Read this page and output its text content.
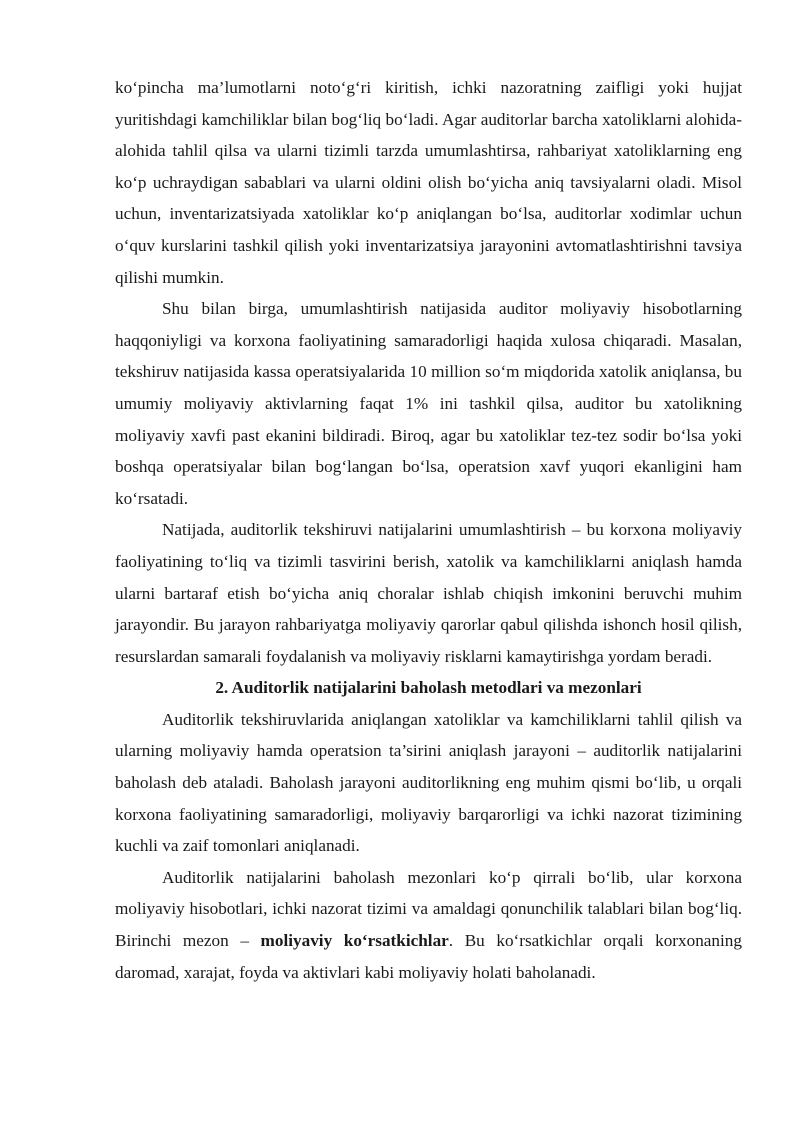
ko‘pincha ma’lumotlarni noto‘g‘ri kiritish, ichki nazoratning zaifligi yoki hujjat yuritishdagi kamchiliklar bilan bog‘liq bo‘ladi. Agar auditorlar barcha xatoliklarni alohida-alohida tahlil qilsa va ularni tizimli tarzda umumlashtirsa, rahbariyat xatoliklarning eng ko‘p uchraydigan sabablari va ularni oldini olish bo‘yicha aniq tavsiyalarni oladi. Misol uchun, inventarizatsiyada xatoliklar ko‘p aniqlangan bo‘lsa, auditorlar xodimlar uchun o‘quv kurslarini tashkil qilish yoki inventarizatsiya jarayonini avtomatlashtirishni tavsiya qilishi mumkin.

Shu bilan birga, umumlashtirish natijasida auditor moliyaviy hisobotlarning haqqoniyligi va korxona faoliyatining samaradorligi haqida xulosa chiqaradi. Masalan, tekshiruv natijasida kassa operatsiyalarida 10 million so‘m miqdorida xatolik aniqlansa, bu umumiy moliyaviy aktivlarning faqat 1% ini tashkil qilsa, auditor bu xatolikning moliyaviy xavfi past ekanini bildiradi. Biroq, agar bu xatoliklar tez-tez sodir bo‘lsa yoki boshqa operatsiyalar bilan bog‘langan bo‘lsa, operatsion xavf yuqori ekanligini ham ko‘rsatadi.

Natijada, auditorlik tekshiruvi natijalarini umumlashtirish – bu korxona moliyaviy faoliyatining to‘liq va tizimli tasvirini berish, xatolik va kamchiliklarni aniqlash hamda ularni bartaraf etish bo‘yicha aniq choralar ishlab chiqish imkonini beruvchi muhim jarayondir. Bu jarayon rahbariyatga moliyaviy qarorlar qabul qilishda ishonch hosil qilish, resurslardan samarali foydalanish va moliyaviy risklarni kamaytirishga yordam beradi.

2. Auditorlik natijalarini baholash metodlari va mezonlari

Auditorlik tekshiruvlarida aniqlangan xatoliklar va kamchiliklarni tahlil qilish va ularning moliyaviy hamda operatsion ta’sirini aniqlash jarayoni – auditorlik natijalarini baholash deb ataladi. Baholash jarayoni auditorlikning eng muhim qismi bo‘lib, u orqali korxona faoliyatining samaradorligi, moliyaviy barqarorligi va ichki nazorat tizimining kuchli va zaif tomonlari aniqlanadi.

Auditorlik natijalarini baholash mezonlari ko‘p qirrali bo‘lib, ular korxona moliyaviy hisobotlari, ichki nazorat tizimi va amaldagi qonunchilik talablari bilan bog‘liq. Birinchi mezon – moliyaviy ko‘rsatkichlar. Bu ko‘rsatkichlar orqali korxonaning daromad, xarajat, foyda va aktivlari kabi moliyaviy holati baholanadi.
